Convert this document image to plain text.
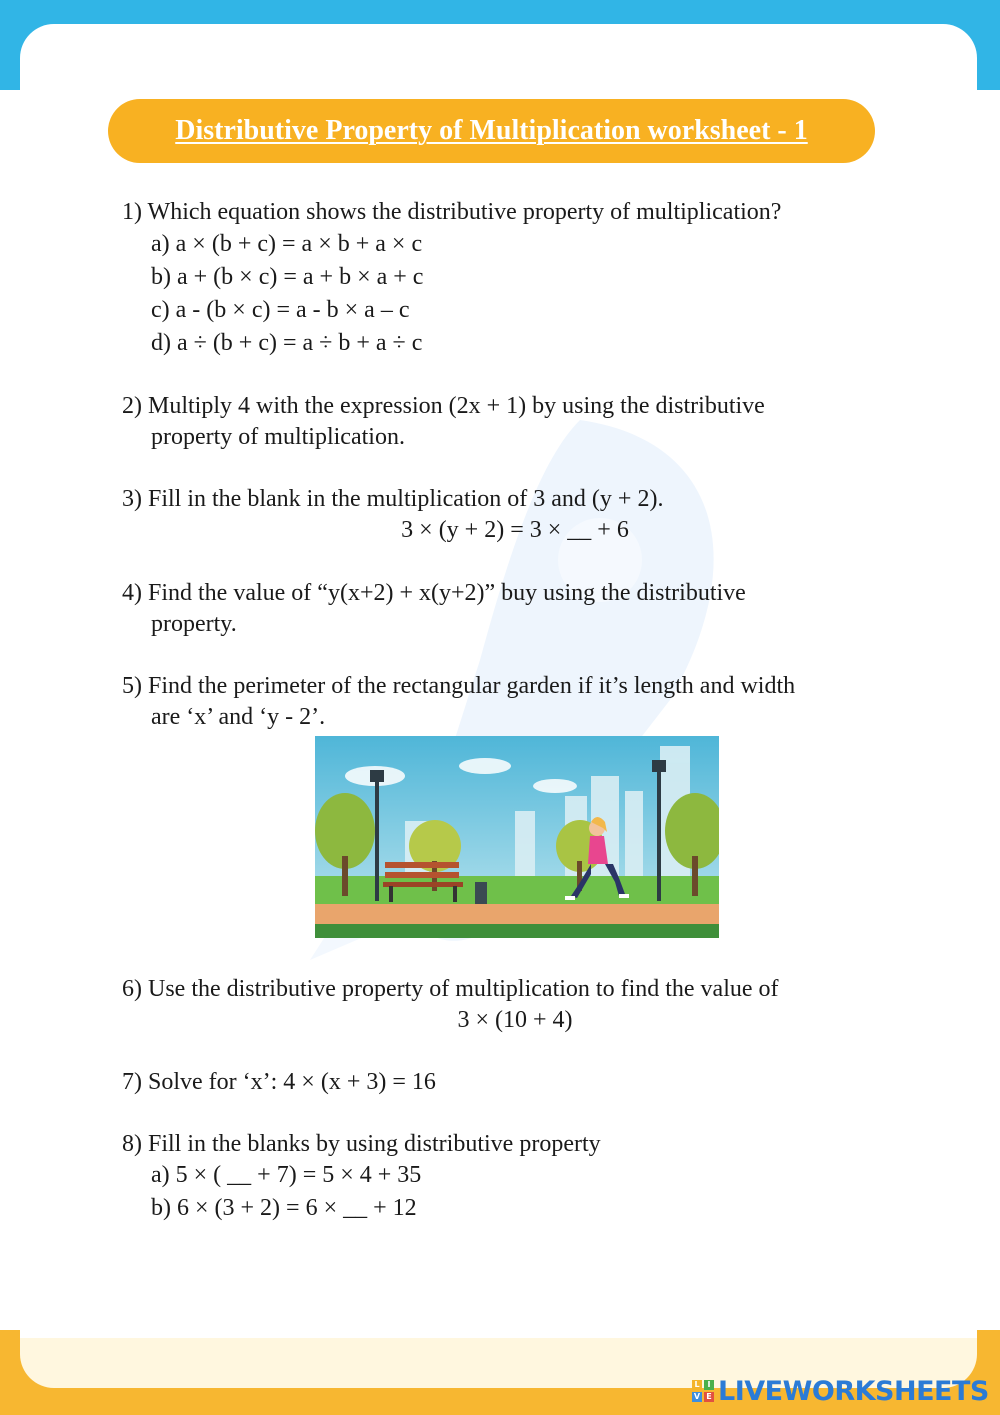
Distributive Property of Multiplication worksheet - 1
1) Which equation shows the distributive property of multiplication?
a) a × (b + c) = a × b + a × c
b) a + (b × c) = a + b × a + c
c) a - (b × c) = a - b × a – c
d) a ÷ (b + c) = a ÷ b + a ÷ c
2) Multiply 4 with the expression (2x + 1) by using the distributive
property of multiplication.
3) Fill in the blank in the multiplication of 3 and (y + 2).
3 × (y + 2) = 3 × __ + 6
4) Find the value of “y(x+2) + x(y+2)” buy using the distributive
property.
5) Find the perimeter of the rectangular garden if it’s length and width
are ‘x’ and ‘y - 2’.
6) Use the distributive property of multiplication to find the value of
3 × (10 + 4)
7) Solve for ‘x’: 4 × (x + 3) = 16
8) Fill in the blanks by using distributive property
a) 5 × ( __ + 7) = 5 × 4 + 35
b) 6 × (3 + 2) = 6 × __ + 12
L I
V E LIVEWORKSHEETS
